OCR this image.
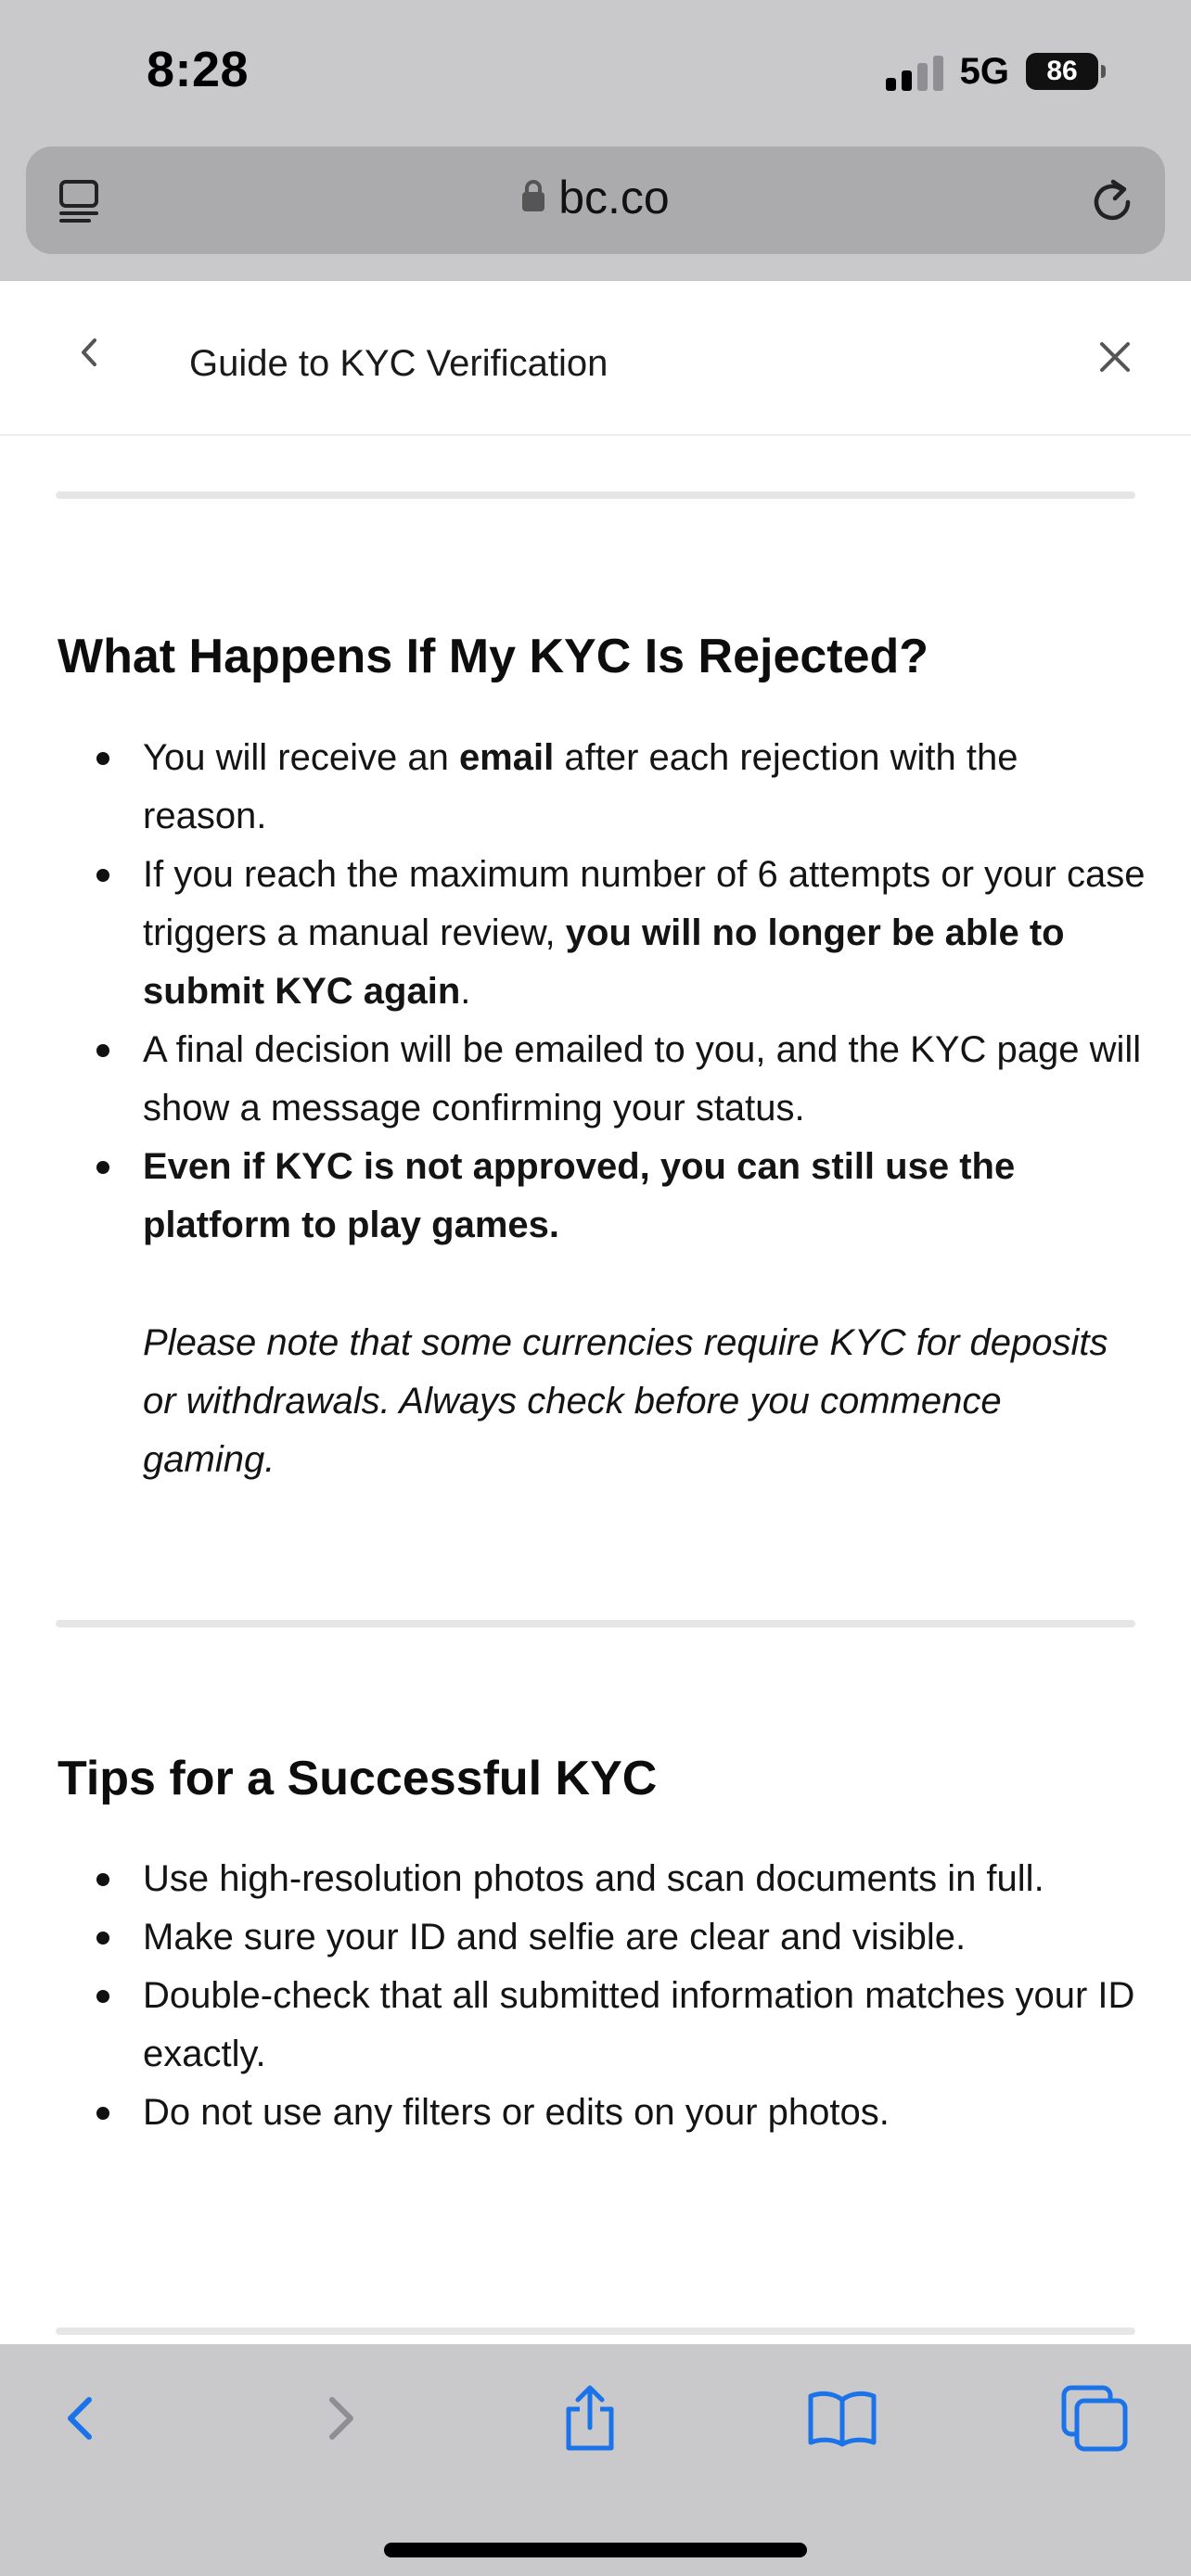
8:28	5G 86
bc.co
Guide to KYC Verification
What Happens If My KYC Is Rejected?
You will receive an email after each rejection with the reason.
If you reach the maximum number of 6 attempts or your case triggers a manual review, you will no longer be able to submit KYC again.
A final decision will be emailed to you, and the KYC page will show a message confirming your status.
Even if KYC is not approved, you can still use the platform to play games.
Please note that some currencies require KYC for deposits or withdrawals. Always check before you commence gaming.
Tips for a Successful KYC
Use high-resolution photos and scan documents in full.
Make sure your ID and selfie are clear and visible.
Double-check that all submitted information matches your ID exactly.
Do not use any filters or edits on your photos.
